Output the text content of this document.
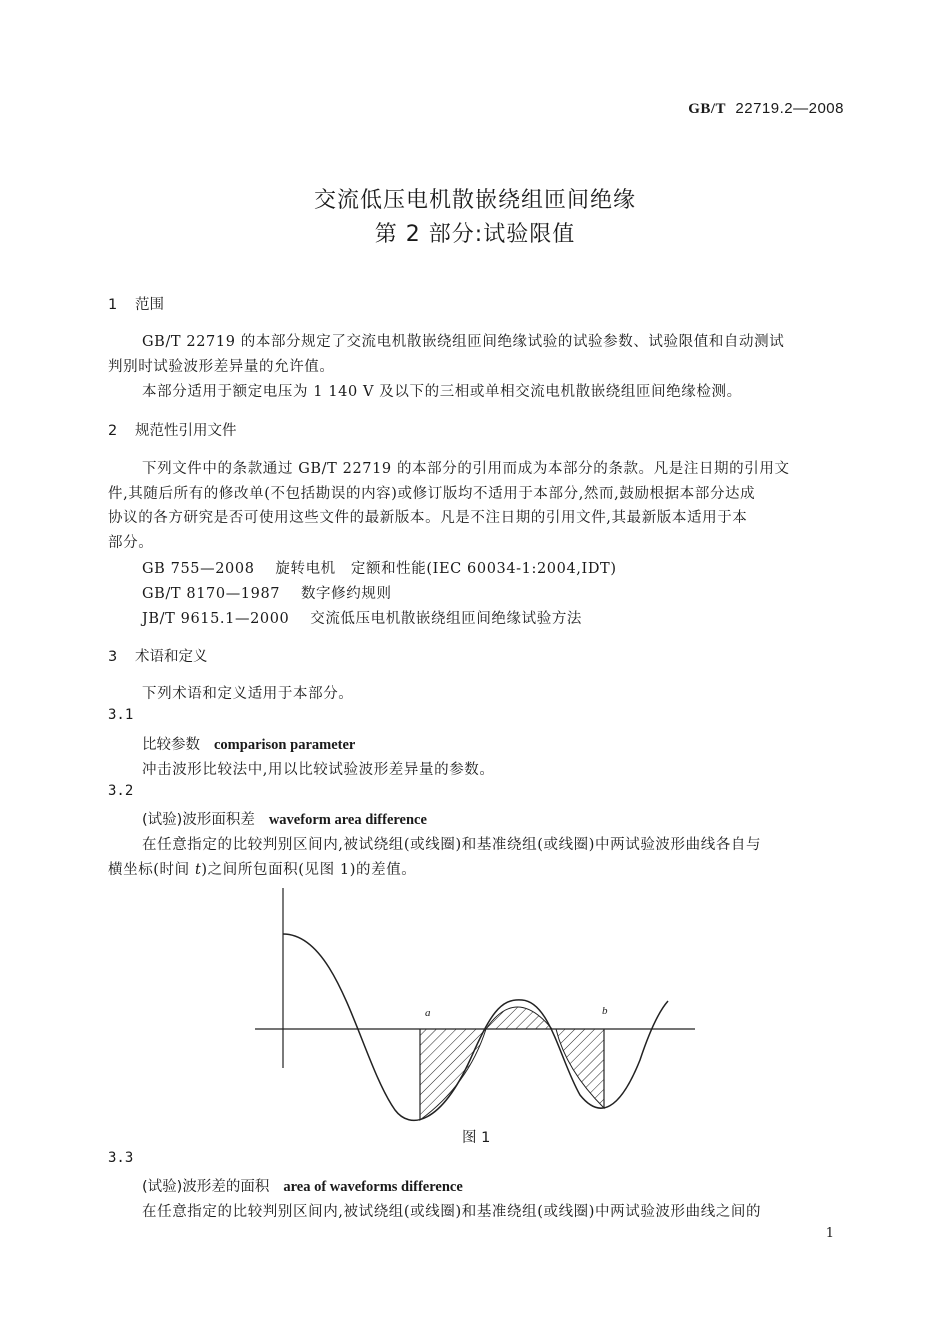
GB/T 22719.2—2008
交流低压电机散嵌绕组匝间绝缘
第 2 部分:试验限值
1 范围
GB/T 22719 的本部分规定了交流电机散嵌绕组匝间绝缘试验的试验参数、试验限值和自动测试
判别时试验波形差异量的允许值。
本部分适用于额定电压为 1 140 V 及以下的三相或单相交流电机散嵌绕组匝间绝缘检测。
2 规范性引用文件
下列文件中的条款通过 GB/T 22719 的本部分的引用而成为本部分的条款。凡是注日期的引用文
件,其随后所有的修改单(不包括勘误的内容)或修订版均不适用于本部分,然而,鼓励根据本部分达成
协议的各方研究是否可使用这些文件的最新版本。凡是不注日期的引用文件,其最新版本适用于本
部分。
GB 755—2008 旋转电机　定额和性能(IEC 60034-1:2004,IDT)
GB/T 8170—1987 数字修约规则
JB/T 9615.1—2000 交流低压电机散嵌绕组匝间绝缘试验方法
3 术语和定义
下列术语和定义适用于本部分。
3.1
比较参数 comparison parameter
冲击波形比较法中,用以比较试验波形差异量的参数。
3.2
(试验)波形面积差 waveform area difference
在任意指定的比较判别区间内,被试绕组(或线圈)和基准绕组(或线圈)中两试验波形曲线各自与
横坐标(时间 t)之间所包面积(见图 1)的差值。
a	b
图 1
3.3
(试验)波形差的面积 area of waveforms difference
在任意指定的比较判别区间内,被试绕组(或线圈)和基准绕组(或线圈)中两试验波形曲线之间的
1
